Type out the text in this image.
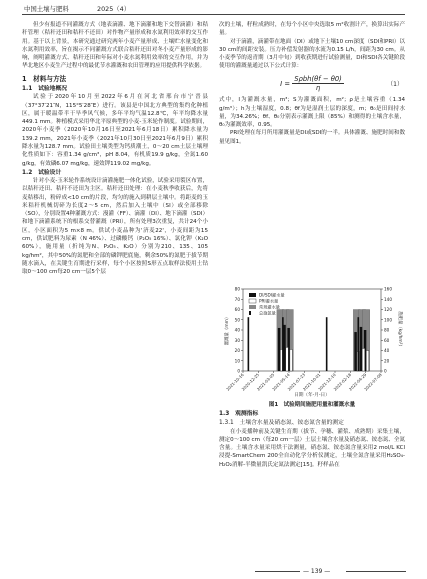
中国土壤与肥料	2025（4）

但少有报道不同灌溉方式（地表滴灌、地下滴灌和地下交替滴灌）和秸秆管理（秸秆还田和秸秆不还田）对作物产量形成和水氮利用效率的交互作用。基于以上背景，本研究通过研究两年小麦产量形成、土壤贮水量变化和水氮利用效率，旨在揭示不同灌溉方式联合秸秆还田对冬小麦产量形成的影响，阐明灌溉方式、秸秆还田和年际对小麦水氮利用效率的交互作用，并为华北地区小麦生产过程中的最优节水灌溉和农田管理的应用提供科学依据。

1　材料与方法
1.1　试验地概况

试验于2020年10月至2022年6月在河北省邢台市宁晋县（37°37′21″N，115°5′28″E）进行。该县是中国北方典型的集约化种植区，属于暖温带半干旱季风气候，多年平均气温12.8℃，年平均降水量449.1 mm。种植模式采用华北平原典型的小麦-玉米轮作制度。试验期间，2020年小麦季（2020年10月16日至2021年6月18日）累积降水量为139.2 mm，2021年小麦季（2021年10月30日至2021年6月9日）累积降水量为128.7 mm。试验田土壤类型为钙质潮土，0～20 cm土层土壤理化性质如下：容重1.34 g/cm³，pH 8.04，有机质19.9 g/kg，全氮1.60 g/kg，有效磷6.07 mg/kg，速效钾119.02 mg/kg。

1.2　试验设计

针对小麦-玉米轮作系统设计滴灌施肥一体化试验，试验采用裂区布置，以秸秆还田、秸秆不还田为主区。秸秆还田处理：在小麦秋季收获后，先将麦秸移出，粉碎成<10 cm的片段，均匀的施入到耕层土壤中。将距麦的玉米秸秆机械切碎为长度2～5 cm，然后加入土壤中（SI）或全部移除（SO），分别设置4种灌溉方式：漫灌（FF）、滴灌（DI）、地下滴灌（SDI）和地下滴灌系统下的根系交替灌溉（PRI），所有处理3次重复，共计24个小区，小区面积为5 m×8 m。供试小麦品种为'济麦22'，小麦间距为15 cm，供试肥料为尿素（N 46%）、过磷酸钙（P₂O₅ 16%）、氯化钾（K₂O 60%），施用量（折纯为N、P₂O₅、K₂O）分别为210、135、105 kg/hm²，其中50%的氮肥和全部的磷钾肥底施，剩余50%的氮肥于拔节期随水滴入，在关键生育期进行采样，每个小区按照S形五点取样法使用土钻取0～100 cm每20 cm一层5个层

次的土壤，籽粒成熟时，在每个小区中央选取5 m²收割计产，换算出实际产量。

对于滴灌，滴灌带在地面（DI）或地下土壤10 cm深度（SDI和PRI）以30 cm的间距安装。压力补偿发射器的水流为0.15 L/h，间距为30 cm。从小麦季节的返青期（3月中旬）到收获期进行试验测量，DI和SDI各关键阶段使用的灌溉量通过以下公式计算：

$I = \frac{\text{Sρbh(θf − θ0)}}{\eta}$	（1）

式中，I为灌溉水量，m³；S为灌溉面积，m²；ρ是土壤容重（1.34 g/m³）；h为土壤湿度，0.8；θf为是湿润土层的深度，m；θ₀是田间持水量，为34.26%；θf、θ₀分别表示灌溉上限（85%）和测得的土壤含水量，θ₀为灌溉效率，0.95。

PRI处理在每月所用灌溉量是DI或SDI的一半。具体灌溉、施肥时间和数量见图1。

0
10
20
30
40
50
60
70
80
0
20
40
60
80
100
120
140
160
灌溉量（mm）	施肥量（kg/hm²）
2021-10-16
2020-12-25
2021-03-05
2021-05-14
2021-07-23
2021-10-01
2021-12-10
2022-02-18
2022-04-29
2022-07-08
日期（年-月-日）
DI/SDI灌水量
PRI灌水量
常规灌水量
总施氮量
图1　试验期间施肥用量和灌溉水量
1.3　观测指标
1.3.1　土壤含水量及硝态氮、铵态氮含量的测定

在小麦播种前及关键生育期（拔节、孕穗、灌浆、成熟期）采集土壤，测定0～100 cm（每20 cm一层）土层土壤含水量及硝态氮、铵态氮、全氮含量。土壤含水量采用烘干法测量，硝态氮、铵态氮含量采用2 mol/L KCl浸提-SmartChem 200全自动化学分析仪测定，土壤全氮含量采用H₂SO₄-H₂O₂消解-半微量凯氏定氮法测定[15]。籽样品在

— 139 —
